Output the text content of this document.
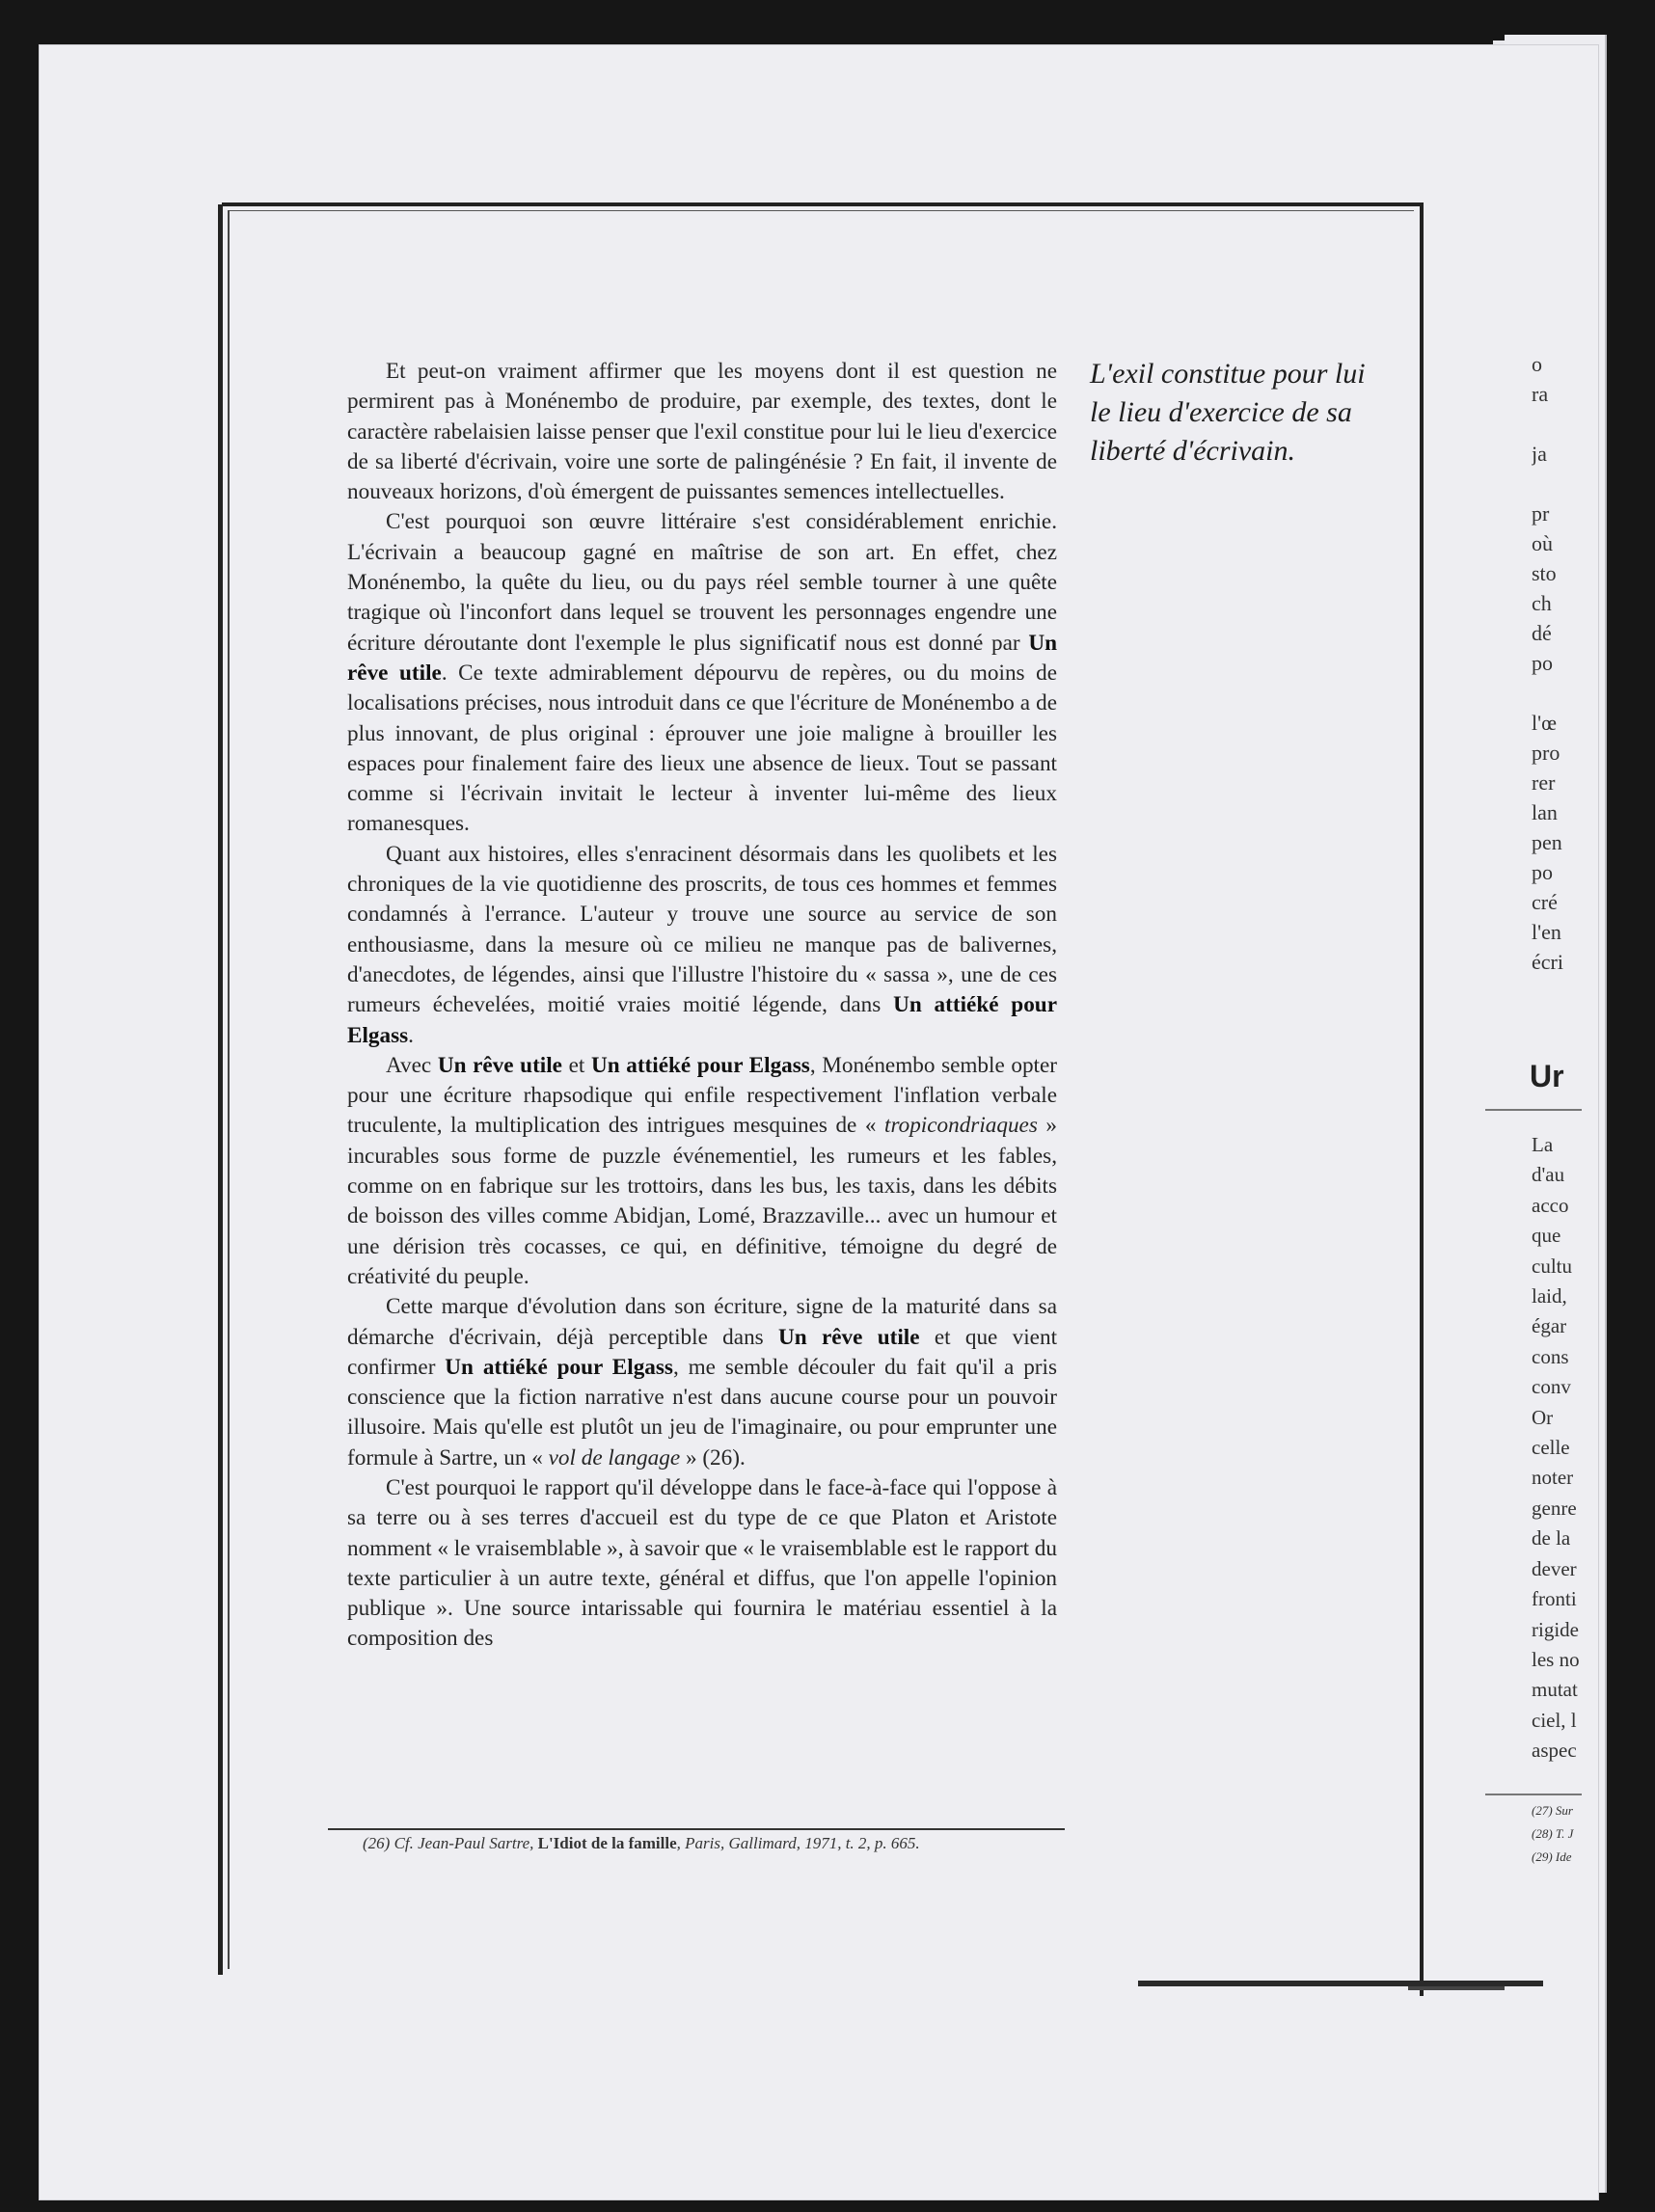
Et peut-on vraiment affirmer que les moyens dont il est question ne permirent pas à Monénembo de produire, par exemple, des textes, dont le caractère rabelaisien laisse penser que l'exil constitue pour lui le lieu d'exercice de sa liberté d'écrivain, voire une sorte de palingénésie ? En fait, il invente de nouveaux horizons, d'où émergent de puissantes semences intellectuelles.

C'est pourquoi son œuvre littéraire s'est considérablement enrichie. L'écrivain a beaucoup gagné en maîtrise de son art. En effet, chez Monénembo, la quête du lieu, ou du pays réel semble tourner à une quête tragique où l'inconfort dans lequel se trouvent les personnages engendre une écriture déroutante dont l'exemple le plus significatif nous est donné par Un rêve utile. Ce texte admirablement dépourvu de repères, ou du moins de localisations précises, nous introduit dans ce que l'écriture de Monénembo a de plus innovant, de plus original : éprouver une joie maligne à brouiller les espaces pour finalement faire des lieux une absence de lieux. Tout se passant comme si l'écrivain invitait le lecteur à inventer lui-même des lieux romanesques.

Quant aux histoires, elles s'enracinent désormais dans les quolibets et les chroniques de la vie quotidienne des proscrits, de tous ces hommes et femmes condamnés à l'errance. L'auteur y trouve une source au service de son enthousiasme, dans la mesure où ce milieu ne manque pas de balivernes, d'anecdotes, de légendes, ainsi que l'illustre l'histoire du « sassa », une de ces rumeurs échevelées, moitié vraies moitié légende, dans Un attiéké pour Elgass.

Avec Un rêve utile et Un attiéké pour Elgass, Monénembo semble opter pour une écriture rhapsodique qui enfile respectivement l'inflation verbale truculente, la multiplication des intrigues mesquines de « tropicondriaques » incurables sous forme de puzzle événementiel, les rumeurs et les fables, comme on en fabrique sur les trottoirs, dans les bus, les taxis, dans les débits de boisson des villes comme Abidjan, Lomé, Brazzaville... avec un humour et une dérision très cocasses, ce qui, en définitive, témoigne du degré de créativité du peuple.

Cette marque d'évolution dans son écriture, signe de la maturité dans sa démarche d'écrivain, déjà perceptible dans Un rêve utile et que vient confirmer Un attiéké pour Elgass, me semble découler du fait qu'il a pris conscience que la fiction narrative n'est dans aucune course pour un pouvoir illusoire. Mais qu'elle est plutôt un jeu de l'imaginaire, ou pour emprunter une formule à Sartre, un « vol de langage » (26).

C'est pourquoi le rapport qu'il développe dans le face-à-face qui l'oppose à sa terre ou à ses terres d'accueil est du type de ce que Platon et Aristote nomment « le vraisemblable », à savoir que « le vraisemblable est le rapport du texte particulier à un autre texte, général et diffus, que l'on appelle l'opinion publique ». Une source intarissable qui fournira le matériau essentiel à la composition des

L'exil constitue pour lui le lieu d'exercice de sa liberté d'écrivain.
(26) Cf. Jean-Paul Sartre, L'Idiot de la famille, Paris, Gallimard, 1971, t. 2, p. 665.
o
ra

ja

pr
où
sto
ch
dé
po

l'œ
pro
rer
lan
pen
po
cré
l'en
écri
Ur
La
d'au
acco
que
cultu
laid,
égar
cons
conv
Or
celle
noter
genre
de la
dever
fronti
rigide
les no
mutat
ciel, l
aspec
(27) Sur
(28) T. J
(29) Ide
